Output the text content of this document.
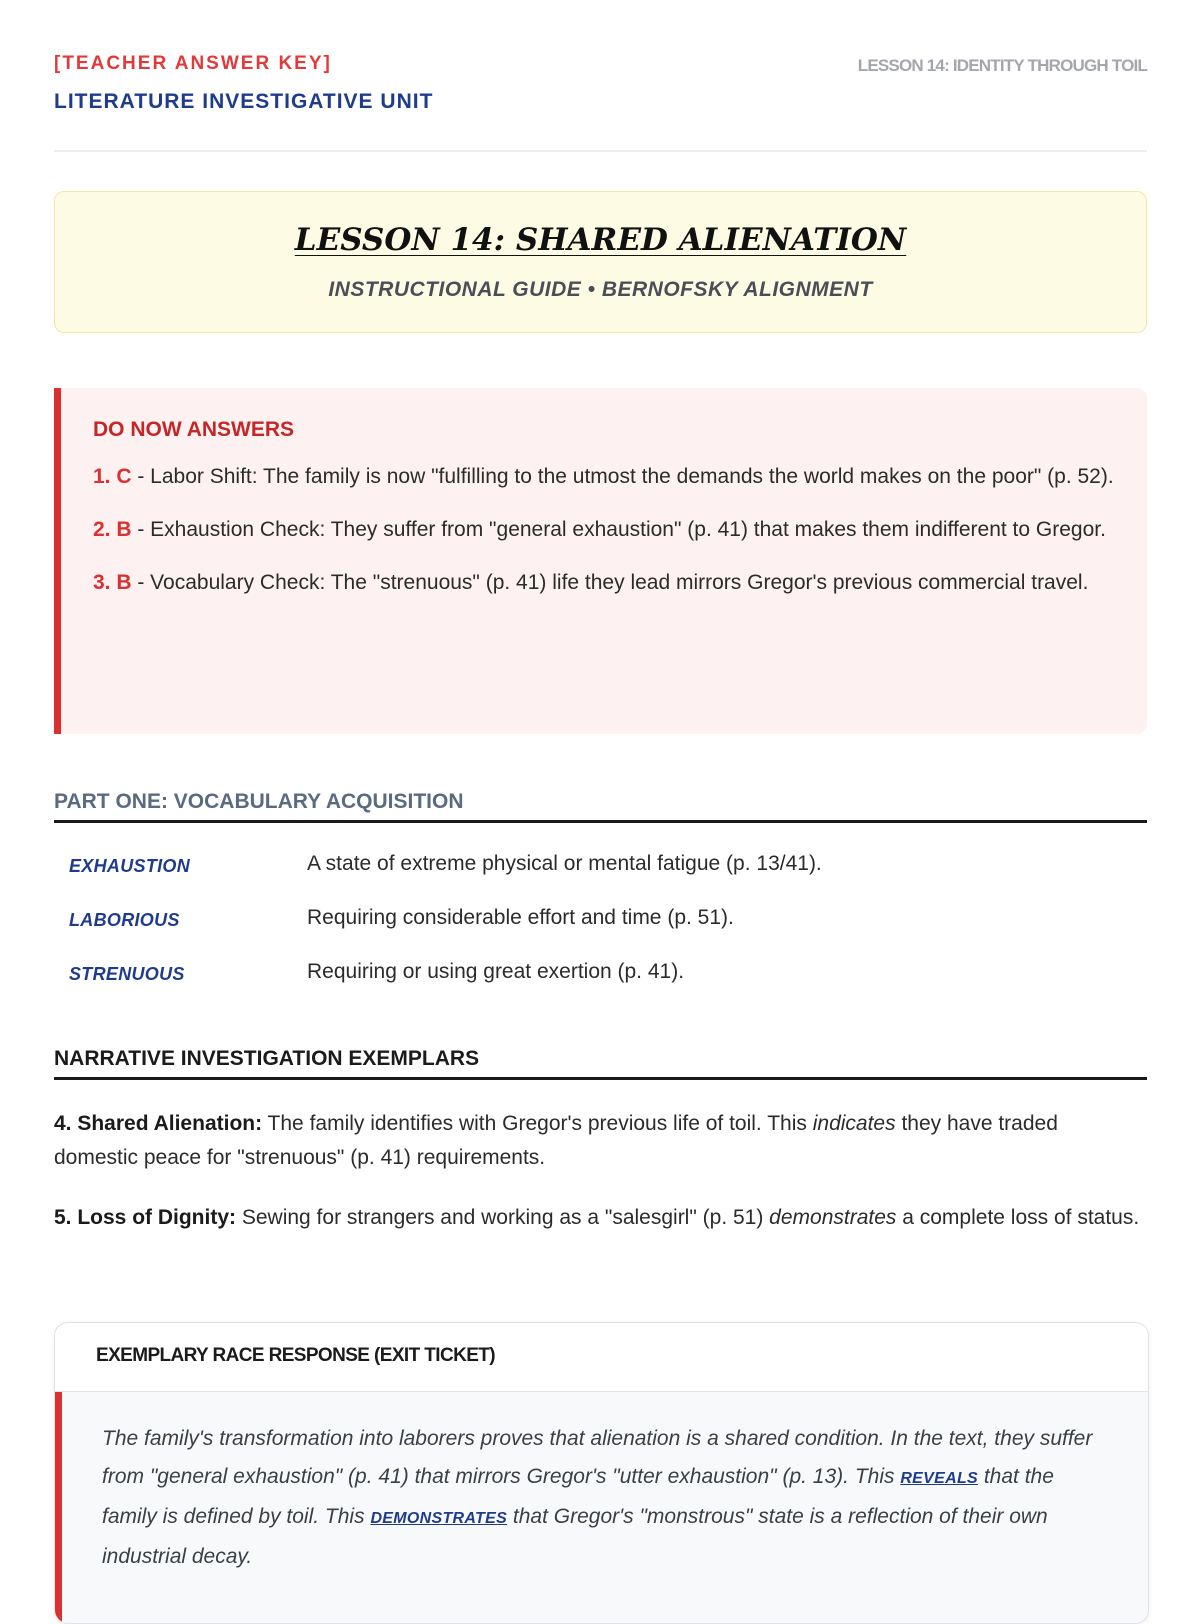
[TEACHER ANSWER KEY]
LITERATURE INVESTIGATIVE UNIT
LESSON 14: IDENTITY THROUGH TOIL
LESSON 14: SHARED ALIENATION
INSTRUCTIONAL GUIDE • BERNOFSKY ALIGNMENT
DO NOW ANSWERS
1. C - Labor Shift: The family is now "fulfilling to the utmost the demands the world makes on the poor" (p. 52).
2. B - Exhaustion Check: They suffer from "general exhaustion" (p. 41) that makes them indifferent to Gregor.
3. B - Vocabulary Check: The "strenuous" (p. 41) life they lead mirrors Gregor's previous commercial travel.
PART ONE: VOCABULARY ACQUISITION
EXHAUSTION	A state of extreme physical or mental fatigue (p. 13/41).
LABORIOUS	Requiring considerable effort and time (p. 51).
STRENUOUS	Requiring or using great exertion (p. 41).
NARRATIVE INVESTIGATION EXEMPLARS
4. Shared Alienation: The family identifies with Gregor's previous life of toil. This indicates they have traded domestic peace for "strenuous" (p. 41) requirements.
5. Loss of Dignity: Sewing for strangers and working as a "salesgirl" (p. 51) demonstrates a complete loss of status.
EXEMPLARY RACE RESPONSE (EXIT TICKET)
The family's transformation into laborers proves that alienation is a shared condition. In the text, they suffer from "general exhaustion" (p. 41) that mirrors Gregor's "utter exhaustion" (p. 13). This REVEALS that the family is defined by toil. This DEMONSTRATES that Gregor's "monstrous" state is a reflection of their own industrial decay.
